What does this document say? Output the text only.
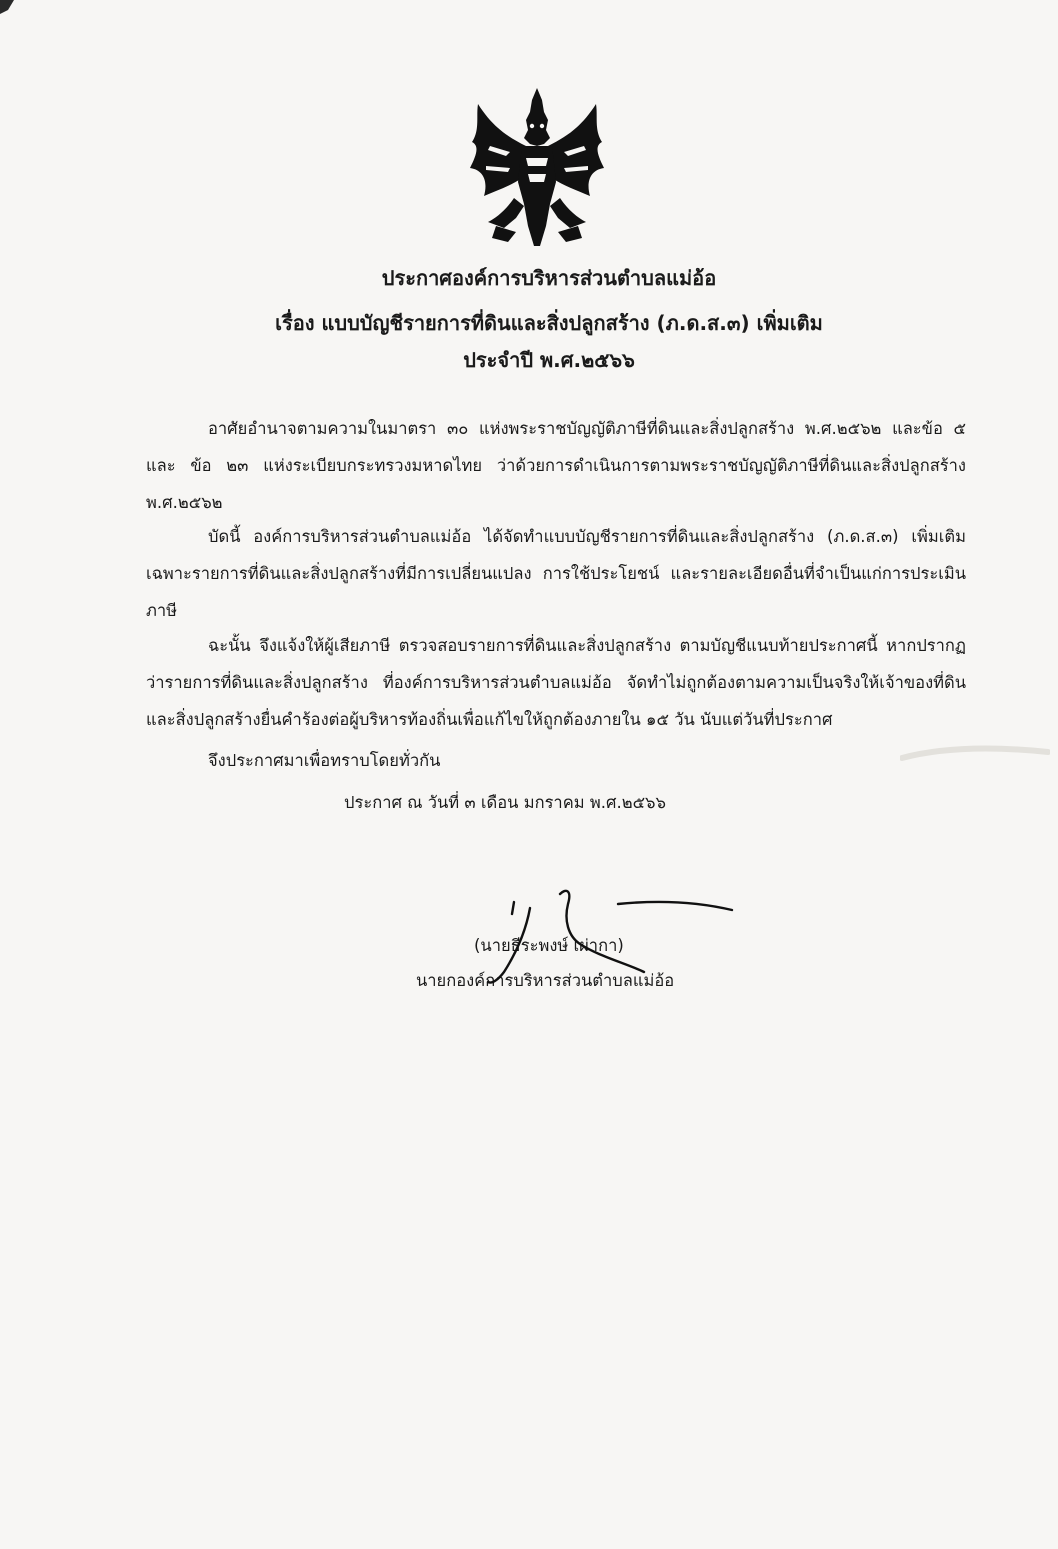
ประกาศองค์การบริหารส่วนตำบลแม่อ้อ
เรื่อง แบบบัญชีรายการที่ดินและสิ่งปลูกสร้าง (ภ.ด.ส.๓) เพิ่มเติม
ประจำปี พ.ศ.๒๕๖๖
อาศัยอำนาจตามความในมาตรา ๓๐ แห่งพระราชบัญญัติภาษีที่ดินและสิ่งปลูกสร้าง พ.ศ.๒๕๖๒ และข้อ ๕ และ ข้อ ๒๓ แห่งระเบียบกระทรวงมหาดไทย ว่าด้วยการดำเนินการตามพระราชบัญญัติภาษีที่ดินและสิ่งปลูกสร้าง พ.ศ.๒๕๖๒
บัดนี้ องค์การบริหารส่วนตำบลแม่อ้อ ได้จัดทำแบบบัญชีรายการที่ดินและสิ่งปลูกสร้าง (ภ.ด.ส.๓) เพิ่มเติม เฉพาะรายการที่ดินและสิ่งปลูกสร้างที่มีการเปลี่ยนแปลง การใช้ประโยชน์ และรายละเอียดอื่นที่จำเป็นแก่การประเมินภาษี
ฉะนั้น จึงแจ้งให้ผู้เสียภาษี ตรวจสอบรายการที่ดินและสิ่งปลูกสร้าง ตามบัญชีแนบท้ายประกาศนี้ หากปรากฏว่ารายการที่ดินและสิ่งปลูกสร้าง ที่องค์การบริหารส่วนตำบลแม่อ้อ จัดทำไม่ถูกต้องตามความเป็นจริงให้เจ้าของที่ดินและสิ่งปลูกสร้างยื่นคำร้องต่อผู้บริหารท้องถิ่นเพื่อแก้ไขให้ถูกต้องภายใน ๑๕ วัน นับแต่วันที่ประกาศ
จึงประกาศมาเพื่อทราบโดยทั่วกัน
ประกาศ ณ วันที่ ๓ เดือน มกราคม พ.ศ.๒๕๖๖
(นายธีระพงษ์ เผ่ากา)
นายกองค์การบริหารส่วนตำบลแม่อ้อ
